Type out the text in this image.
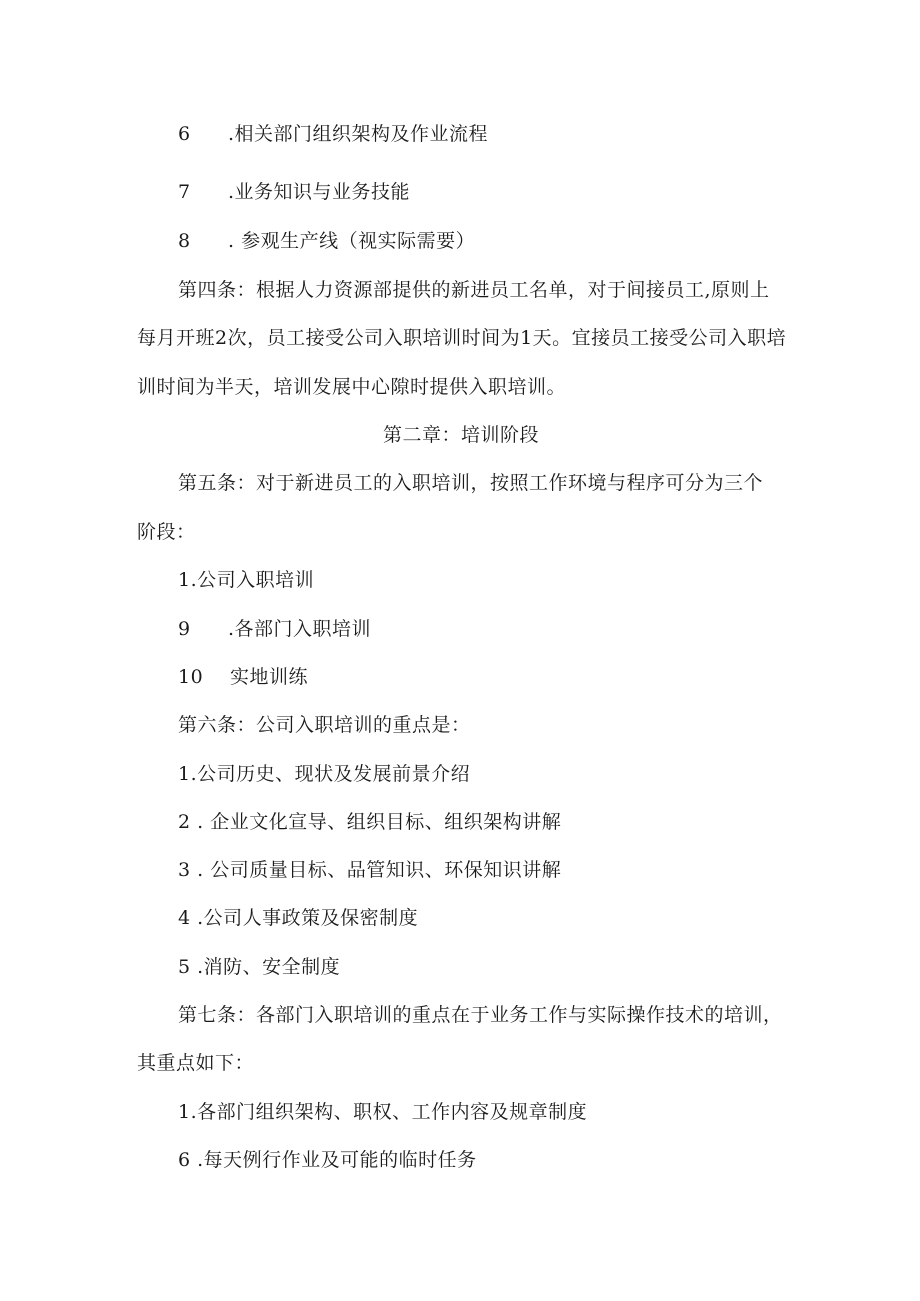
6 .相关部门组织架构及作业流程
7 .业务知识与业务技能
8 . 参观生产线（视实际需要）
第四条：根据人力资源部提供的新进员工名单，对于间接员工,原则上
每月开班2次，员工接受公司入职培训时间为1天。宜接员工接受公司入职培
训时间为半天，培训发展中心隙时提供入职培训。
第二章：培训阶段
第五条：对于新进员工的入职培训，按照工作环境与程序可分为三个
阶段：
1.公司入职培训
9 .各部门入职培训
10 实地训练
第六条：公司入职培训的重点是：
1.公司历史、现状及发展前景介绍
2 . 企业文化宣导、组织目标、组织架构讲解
3 . 公司质量目标、品管知识、环保知识讲解
4 .公司人事政策及保密制度
5 .消防、安全制度
第七条：各部门入职培训的重点在于业务工作与实际操作技术的培训，
其重点如下：
1.各部门组织架构、职权、工作内容及规章制度
6 .每天例行作业及可能的临时任务
